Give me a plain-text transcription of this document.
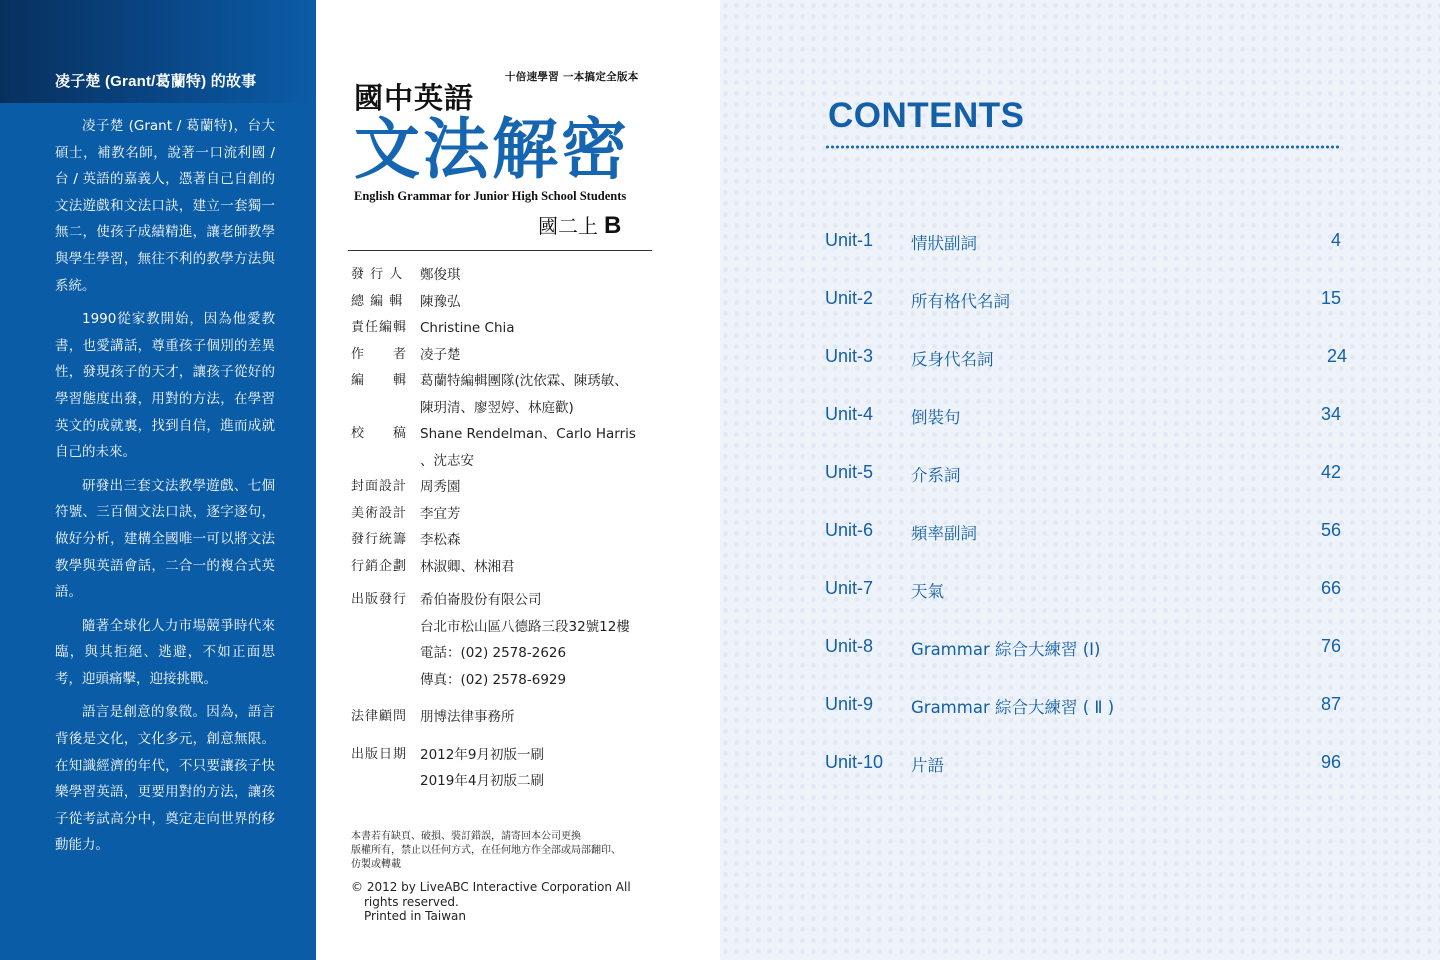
凌子楚 (Grant/葛蘭特) 的故事

凌子楚 (Grant / 葛蘭特)，台大碩士，補教名師，說著一口流利國 / 台 / 英語的嘉義人，憑著自己自創的文法遊戲和文法口訣，建立一套獨一無二，使孩子成績精進，讓老師教學與學生學習，無往不利的教學方法與系統。

1990從家教開始，因為他愛教書，也愛講話，尊重孩子個別的差異性，發現孩子的天才，讓孩子從好的學習態度出發，用對的方法，在學習英文的成就裏，找到自信，進而成就自己的未來。

研發出三套文法教學遊戲、七個符號、三百個文法口訣，逐字逐句，做好分析，建構全國唯一可以將文法教學與英語會話，二合一的複合式英語。

隨著全球化人力市場競爭時代來臨，與其拒絕、逃避，不如正面思考，迎頭痛擊，迎接挑戰。

語言是創意的象徵。因為，語言背後是文化，文化多元，創意無限。在知識經濟的年代，不只要讓孩子快樂學習英語，更要用對的方法，讓孩子從考試高分中，奠定走向世界的移動能力。

十倍速學習 一本搞定全版本
國中英語
文法解密
English Grammar for Junior High School Students
國二上 B
發 行 人	鄭俊琪
總 編 輯	陳豫弘
責任編輯 Christine Chia
作　　者 凌子楚
編　　輯 葛蘭特編輯團隊(沈依霖、陳琇敏、
陳玥清、廖翌婷、林庭歡)
校　　稿 Shane Rendelman、Carlo Harris
、沈志安
封面設計 周秀園
美術設計 李宜芳
發行統籌 李松森
行銷企劃 林淑卿、林湘君
出版發行 希伯崙股份有限公司
台北市松山區八德路三段32號12樓
電話：(02) 2578-2626
傳真：(02) 2578-6929
法律顧問 朋博法律事務所
出版日期 2012年9月初版一刷
2019年4月初版二刷
本書若有缺頁、破損、裝訂錯誤，請寄回本公司更換
版權所有，禁止以任何方式，在任何地方作全部或局部翻印、
仿製或轉載
© 2012 by LiveABC Interactive Corporation All

rights reserved.
Printed in Taiwan
CONTENTS
Unit-1 情狀副詞	4
Unit-2 所有格代名詞	15
Unit-3 反身代名詞	24
Unit-4 倒裝句	34
Unit-5 介系詞	42
Unit-6 頻率副詞	56
Unit-7 天氣	66
Unit-8 Grammar 綜合大練習 (I)	76
Unit-9 Grammar 綜合大練習 ( Ⅱ )	87
Unit-10 片語	96
